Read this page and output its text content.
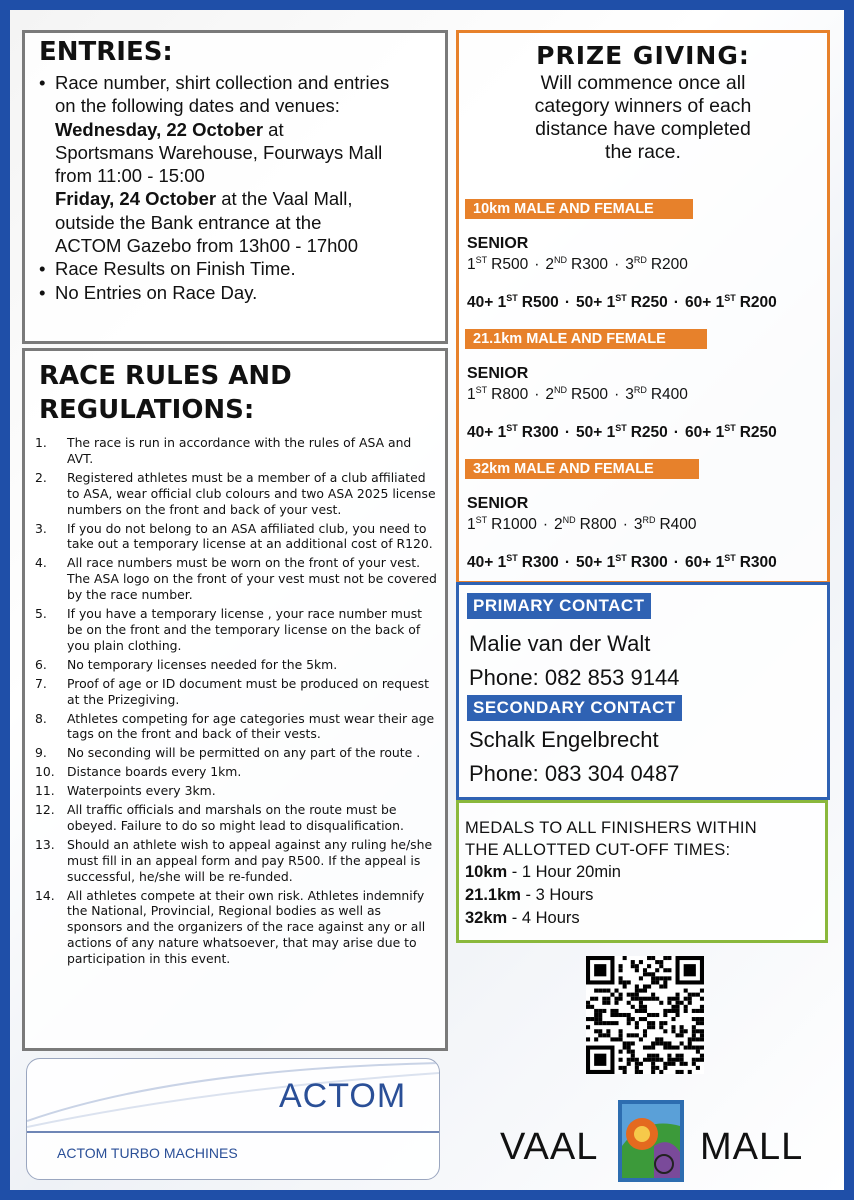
ENTRIES:
• Race number, shirt collection and entries
on the following dates and venues:
Wednesday, 22 October at
Sportsmans Warehouse, Fourways Mall
from 11:00 - 15:00
Friday, 24 October at the Vaal Mall,
outside the Bank entrance at the
ACTOM Gazebo from 13h00 - 17h00
• Race Results on Finish Time.
• No Entries on Race Day.
RACE RULES AND
REGULATIONS:
1. The race is run in accordance with the rules of ASA and AVT.
2. Registered athletes must be a member of a club affiliated to ASA, wear official club colours and two ASA 2025 license numbers on the front and back of your vest.
3. If you do not belong to an ASA affiliated club, you need to take out a temporary license at an additional cost of R120.
4. All race numbers must be worn on the front of your vest. The ASA logo on the front of your vest must not be covered by the race number.
5. If you have a temporary license , your race number must be on the front and the temporary license on the back of you plain clothing.
6. No temporary licenses needed for the 5km.
7. Proof of age or ID document must be produced on request at the Prizegiving.
8. Athletes competing for age categories must wear their age tags on the front and back of their vests.
9. No seconding will be permitted on any part of the route .
10. Distance boards every 1km.
11. Waterpoints every 3km.
12. All traffic officials and marshals on the route must be obeyed. Failure to do so might lead to disqualification.
13. Should an athlete wish to appeal against any ruling he/she must fill in an appeal form and pay R500. If the appeal is successful, he/she will be re-funded.
14. All athletes compete at their own risk. Athletes indemnify the National, Provincial, Regional bodies as well as sponsors and the organizers of the race against any or all actions of any nature whatsoever, that may arise due to participation in this event.
ACTOM
ACTOM TURBO MACHINES
PRIZE GIVING:
Will commence once all
category winners of each
distance have completed
the race.
10km MALE AND FEMALE
SENIOR
1ST R500 · 2ND R300 · 3RD R200
40+ 1ST R500 · 50+ 1ST R250 · 60+ 1ST R200
21.1km MALE AND FEMALE
SENIOR
1ST R800 · 2ND R500 · 3RD R400
40+ 1ST R300 · 50+ 1ST R250 · 60+ 1ST R250
32km MALE AND FEMALE
SENIOR
1ST R1000 · 2ND R800 · 3RD R400
40+ 1ST R300 · 50+ 1ST R300 · 60+ 1ST R300
PRIMARY CONTACT
Malie van der Walt
Phone: 082 853 9144
SECONDARY CONTACT
Schalk Engelbrecht
Phone: 083 304 0487
MEDALS TO ALL FINISHERS WITHIN
THE ALLOTTED CUT-OFF TIMES:
10km - 1 Hour 20min
21.1km - 3 Hours
32km - 4 Hours
VAAL	MALL
